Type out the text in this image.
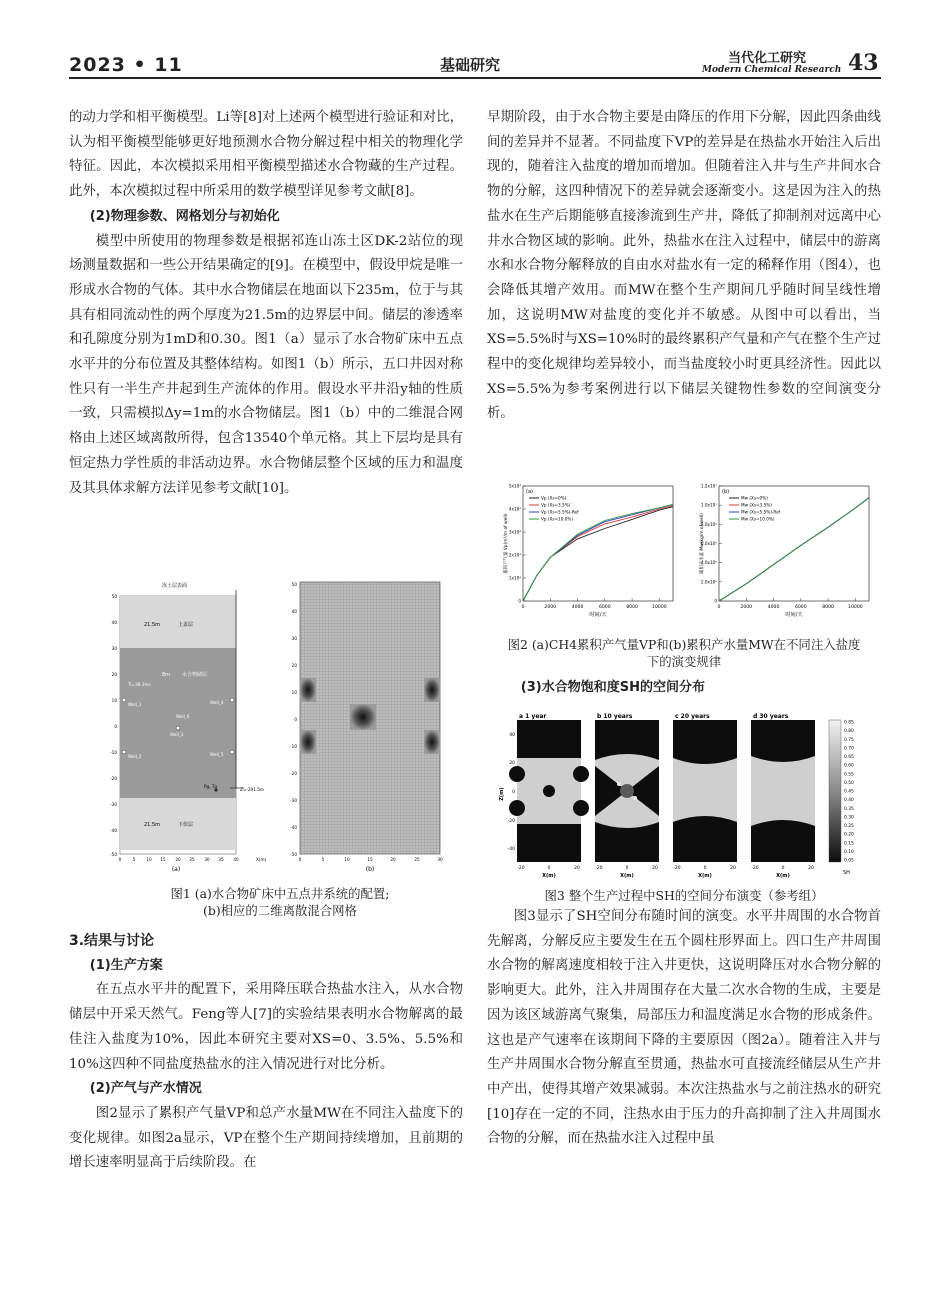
2023 • 11	基础研究	当代化工研究
Modern Chemical Research 43

的动力学和相平衡模型。Li等[8]对上述两个模型进行验证和对比，认为相平衡模型能够更好地预测水合物分解过程中相关的物理化学特征。因此，本次模拟采用相平衡模型描述水合物藏的生产过程。此外，本次模拟过程中所采用的数学模型详见参考文献[8]。

(2)物理参数、网格划分与初始化

模型中所使用的物理参数是根据祁连山冻土区DK-2站位的现场测量数据和一些公开结果确定的[9]。在模型中，假设甲烷是唯一形成水合物的气体。其中水合物储层在地面以下235m，位于与其具有相同流动性的两个厚度为21.5m的边界层中间。储层的渗透率和孔隙度分别为1mD和0.30。图1（a）显示了水合物矿床中五点水平井的分布位置及其整体结构。如图1（b）所示，五口井因对称性只有一半生产井起到生产流体的作用。假设水平井沿y轴的性质一致，只需模拟Δy=1m的水合物储层。图1（b）中的二维混合网格由上述区域离散所得，包含13540个单元格。其上下层均是具有恒定热力学性质的非活动边界。水合物储层整个区域的压力和温度及其具体求解方法详见参考文献[10]。

冻土层表面
21.5m	上盖层
8m 水合物储层
Ti=38.3ms
Well_1
Well_2
Well_3
Well_4
Well_5
Well_6
Pg, Tg
Z=-291.5m
21.5m	下伏层
50
40
30
20
10
0
-10
-20
-30
-40
-50
0	5	10 15 20 25 30 35 40	X(m)
(a)
50
40
30
20
10
0
-10
-20
-30
-40
-50
0	5	10	15	20	25	30
(b)
图1 (a)水合物矿床中五点井系统的配置;
(b)相应的二维离散混合网格

3.结果与讨论

(1)生产方案

在五点水平井的配置下，采用降压联合热盐水注入，从水合物储层中开采天然气。Feng等人[7]的实验结果表明水合物解离的最佳注入盐度为10%，因此本研究主要对XS=0、3.5%、5.5%和10%这四种不同盐度热盐水的注入情况进行对比分析。

(2)产气与产水情况

图2显示了累积产气量VP和总产水量MW在不同注入盐度下的变化规律。如图2a显示，VP在整个生产期间持续增加，且前期的增长速率明显高于后续阶段。在

早期阶段，由于水合物主要是由降压的作用下分解，因此四条曲线间的差异并不显著。不同盐度下VP的差异是在热盐水开始注入后出现的，随着注入盐度的增加而增加。但随着注入井与生产井间水合物的分解，这四种情况下的差异就会逐渐变小。这是因为注入的热盐水在生产后期能够直接渗流到生产井，降低了抑制剂对远离中心井水合物区域的影响。此外，热盐水在注入过程中，储层中的游离水和水合物分解释放的自由水对盐水有一定的稀释作用（图4），也会降低其增产效用。而MW在整个生产期间几乎随时间呈线性增加，这说明MW对盐度的变化并不敏感。从图中可以看出，当XS=5.5%时与XS=10%时的最终累积产气量和产气在整个生产过程中的变化规律均差异较小，而当盐度较小时更具经济性。因此以XS=5.5%为参考案例进行以下储层关键物性参数的空间演变分析。

0
1x10⁴
2x10⁴
3x10⁴
4x10⁴
5x10⁴
0	2000	4000	6000	8000	10000
时间/天
累积产气量 Vp(m³/m of well)
(a)
Vp (Xs=0%)
Vp (Xs=3.5%)
Vp (Xs=5.5%)-Ref
Vp (Xs=10.0%)
0
2.0x10⁶
4.0x10⁶
6.0x10⁶
8.0x10⁶
1.0x10⁷
1.2x10⁷
0	2000	4000	6000	8000	10000
时间/天
累积产水量 Mw(kg/m of well)
(b)
Mw (Xs=0%)
Mw (Xs=3.5%)
Mw (Xs=5.5%)-Ref
Mw (Xs=10.0%)
图2 (a)CH4累积产气量VP和(b)累积产水量MW在不同注入盐度
下的演变规律

(3)水合物饱和度SH的空间分布

a 1 year	b 10 years	c 20 years	d 30 years
Z(m)
40
20
0
-20
-40
-20	0	20	-20	0	20	-20	0	20	-20	0	20
X(m)	X(m)	X(m)	X(m)
0.85
0.80
0.75
0.70
0.65
0.60
0.55
0.50
0.45
0.40
0.35
0.30
0.25
0.20
0.15
0.10
0.05
SH
图3 整个生产过程中SH的空间分布演变（参考组）

图3显示了SH空间分布随时间的演变。水平井周围的水合物首先解离，分解反应主要发生在五个圆柱形界面上。四口生产井周围水合物的解离速度相较于注入井更快，这说明降压对水合物分解的影响更大。此外，注入井周围存在大量二次水合物的生成，主要是因为该区域游离气聚集，局部压力和温度满足水合物的形成条件。这也是产气速率在该期间下降的主要原因（图2a）。随着注入井与生产井周围水合物分解直至贯通，热盐水可直接流经储层从生产井中产出，使得其增产效果减弱。本次注热盐水与之前注热水的研究[10]存在一定的不同，注热水由于压力的升高抑制了注入井周围水合物的分解，而在热盐水注入过程中虽
